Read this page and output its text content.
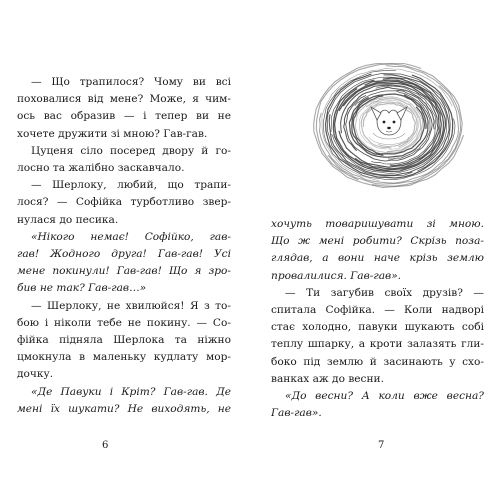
— Що трапилося? Чому ви всі
поховалися від мене? Може, я чим-
ось вас образив — і тепер ви не
хочете дружити зі мною? Гав-гав.
Цуценя сіло посеред двору й го-
лосно та жалібно заскавчало.
— Шерлоку, любий, що трапи-
лося? — Софійка турботливо звер-
нулася до песика.
«Нікого немає! Софійко, гав-
гав! Жодного друга! Гав-гав! Усі
мене покинули! Гав-гав! Що я зро-
бив не так? Гав-гав…»
— Шерлоку, не хвилюйся! Я з то-
бою і ніколи тебе не покину. — Со-
фійка підняла Шерлока та ніжно
цмокнула в маленьку кудлату мор-
дочку.
«Де Павуки і Кріт? Гав-гав. Де
мені їх шукати? Не виходять, не
6
хочуть товаришувати зі мною.
Що ж мені робити? Скрізь поза-
глядав, а вони наче крізь землю
провалилися. Гав-гав».
— Ти загубив своїх друзів? —
спитала Софійка. — Коли надворі
стає холодно, павуки шукають собі
теплу шпарку, а кроти залазять гли-
боко під землю й засинають у схо-
ванках аж до весни.
«До весни? А коли вже весна?
Гав-гав».
7
